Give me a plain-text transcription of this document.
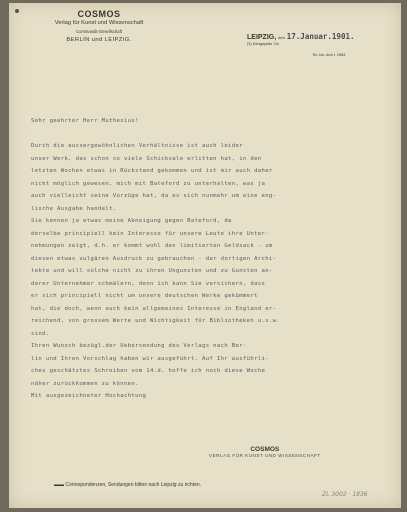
COSMOS
Verlag für Kunst und Wissenschaft
Commandit-Gesellschaft
BERLIN und LEIPZIG.	LEIPZIG, den 17.Januar.1901.
(3) Königsplatz 7/a
Tel.-No. Amt I. 2984
Sehr geehrter Herr Muthesius!
Durch die aussergewöhnlichen Verhältnisse ist auch leider
unser Werk, das schon so viele Schicksale erlitten hat, in den
letzten Wochen etwas in Rückstand gekommen und ist mir auch daher
nicht möglich gewesen, mich mit Bateford zu unterhalten, was ja
auch vielleicht seine Vorzüge hat, da es sich nunmehr um eine eng-
lische Ausgabe handelt.
Sie kennen ja etwas meine Abneigung gegen Bateford, da
derselbe principiell kein Interesse für unsere Leute ihre Unter-
nehmungen zeigt, d.h. er kommt wohl den limitierten Geldsack - um
diesen etwas vulgären Ausdruck zu gebrauchen - der dortigen Archi-
tekte und will solche nicht zu ihren Ungunsten und zu Gunsten an-
derer Unternehmer schmälern, denn ich kann Sie versichern, dass
er sich principiell nicht um unsere deutschen Werke gekümmert
hat, die doch, wenn auch kein allgemeines Interesse in England er-
reichend, von grossem Werte und Wichtigkeit für Bibliotheken u.s.w.
sind.
Ihren Wunsch bezügl.der Uebersendung des Verlags nach Ber-
lin und Ihren Vorschlag haben wir ausgeführt. Auf Ihr ausführli-
ches geschätztes Schreiben vom 14.d. hoffe ich noch diese Woche
näher zurückkommen zu können.
Mit ausgezeichneter Hochachtung
COSMOS
VERLAG FÜR KUNST UND WISSENSCHAFT
▬▬ Correspondenzen, Sendungen bitten nach Leipzig zu richten.
ZL 3002 · 1836
